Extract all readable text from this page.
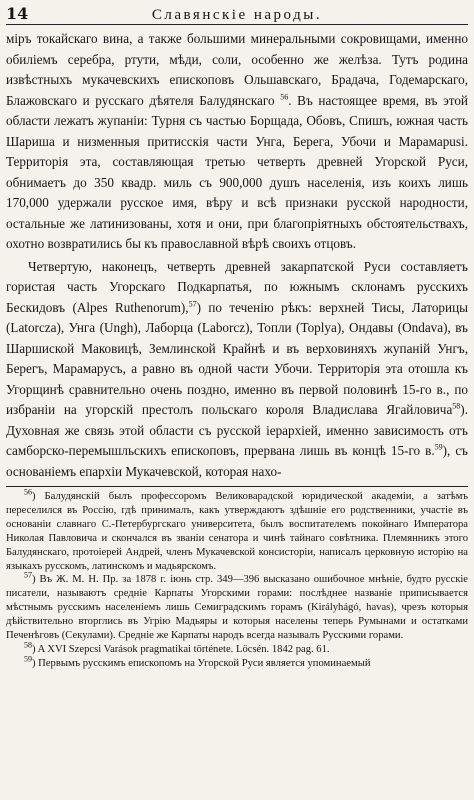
14	Славянскіе народы.

міръ токайскаго вина, а также большими минеральными сокровищами, именно обиліемъ серебра, ртути, мѣди, соли, особенно же желѣза. Тутъ родина извѣстныхъ мукачевскихъ епископовъ Ольшавскаго, Брадача, Годемарскаго, Блажовскаго и русскаго дѣятеля Балудянскаго $^{56}$. Въ настоящее время, въ этой области лежатъ жупаніи: Турня съ частью Борщада, Обовъ, Спишъ, южная часть Шариша и низменныя притисскія части Унга, Берега, Убочи и Марамарusi. Территорія эта, составляющая третью четверть древней Угорской Руси, обнимаетъ до 350 квадр. миль съ 900,000 душъ населенія, изъ коихъ лишь 170,000 удержали русское имя, вѣру и всѣ признаки русской народности, остальные же латинизованы, хотя и они, при благопріятныхъ обстоятельствахъ, охотно возвратились бы къ православной вѣрѣ своихъ отцовъ.

Четвертую, наконецъ, четверть древней закарпатской Руси составляетъ гористая часть Угорскаго Подкарпатья, по южнымъ склонамъ русскихъ Бескидовъ (Alpes Ruthenorum),$^{57}$) по теченію рѣкъ: верхней Тисы, Латорицы (Latorcza), Унга (Ungh), Лаборца (Laborcz), Топли (Toplya), Ондавы (Ondava), въ Шаршиской Маковицѣ, Землинской Крайнѣ и въ верховиняхъ жупаній Унгъ, Берегъ, Марамарусъ, а равно въ одной части Убочи. Территорія эта отошла къ Угорщинѣ сравнительно очень поздно, именно въ первой половинѣ 15-го в., по избраніи на угорскій престолъ польскаго короля Владислава Ягайловича$^{58}$). Духовная же связь этой области съ русской іерархіей, именно зависимость отъ самборско-перемышльскихъ епископовъ, прервана лишь въ концѣ 15-го в.$^{59}$), съ основаніемъ епархіи Мукачевской, которая нахо-

$^{56}$) Балудянскій былъ профессоромъ Великоварадской юридической академіи, а затѣмъ переселился въ Россію, гдѣ принималъ, какъ утверждаютъ здѣшніе его родственники, участіе въ основаніи славнаго С.-Петербургскаго университета, былъ воспитателемъ покойнаго Императора Николая Павловича и скончался въ званіи сенатора и чинѣ тайнаго совѣтника. Племянникъ этого Балудянскаго, протоіерей Андрей, членъ Мукачевской консисторіи, написалъ церковную исторію на языкахъ русскомъ, латинскомъ и мадьярскомъ.

$^{57}$) Въ Ж. М. Н. Пр. за 1878 г. іюнь стр. 349—396 высказано ошибочное мнѣніе, будто русскіе писатели, называютъ средніе Карпаты Угорскими горами: послѣднее названіе приписывается мѣстнымъ русскимъ населеніемъ лишь Семиградскимъ горамъ (Királyhágó, havas), чрезъ которыя дѣйствительно вторглись въ Угрію Мадьяры и которыя населены теперь Румынами и остатками Печенѣговъ (Секулами). Средніе же Карпаты народъ всегда называлъ Русскими горами.

$^{58}$) A XVI Szepcsi Varások pragmatikai története. Löcsén. 1842 pag. 61.

$^{59}$) Первымъ русскимъ епископомъ на Угорской Руси является упоминаемый
